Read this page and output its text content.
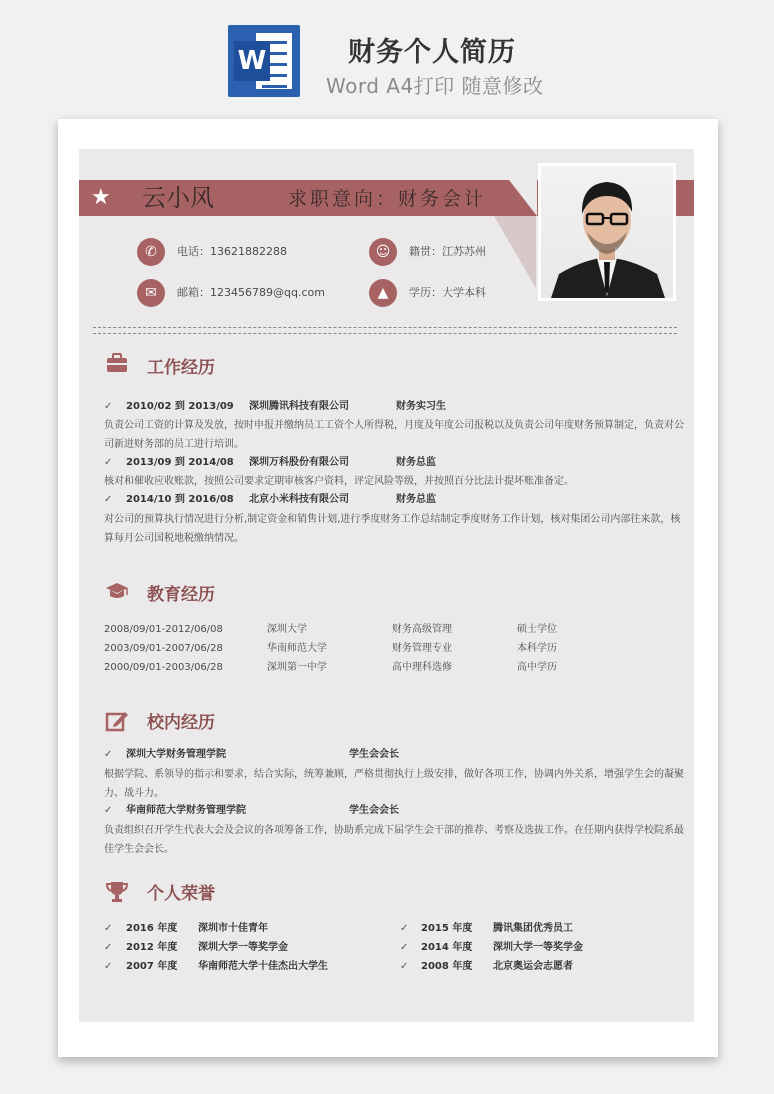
W	财务个人简历
Word A4打印 随意修改
★ 云小风	求职意向：财务会计
✆	电话：13621882288	☺	籍贯：江苏苏州
✉	邮箱：123456789@qq.com	▲	学历：大学本科
工作经历
✓ 2010/02 到 2013/09 深圳腾讯科技有限公司	财务实习生
负责公司工资的计算及发放，按时申报并缴纳员工工资个人所得税，月度及年度公司报税以及负责公司年度财务预算制定，负责对公司新进财务部的员工进行培训。
✓ 2013/09 到 2014/08 深圳万科股份有限公司	财务总监
核对和催收应收账款，按照公司要求定期审核客户资料，评定风险等级，并按照百分比法计提坏账准备定。
✓ 2014/10 到 2016/08 北京小米科技有限公司	财务总监
对公司的预算执行情况进行分析,制定资金和销售计划,进行季度财务工作总结制定季度财务工作计划，核对集团公司内部往来款，核算每月公司国税地税缴纳情况。
教育经历
2008/09/01-2012/06/08	深圳大学	财务高级管理	硕士学位
2003/09/01-2007/06/28	华南师范大学	财务管理专业	本科学历
2000/09/01-2003/06/28	深圳第一中学	高中理科选修	高中学历
校内经历
✓ 深圳大学财务管理学院	学生会会长
根据学院、系领导的指示和要求，结合实际，统筹兼顾，严格贯彻执行上级安排，做好各项工作，协调内外关系，增强学生会的凝聚力、战斗力。
✓ 华南师范大学财务管理学院	学生会会长
负责组织召开学生代表大会及会议的各项筹备工作，协助系完成下届学生会干部的推荐、考察及选拔工作。在任期内获得学校院系最佳学生会会长。
个人荣誉
✓ 2016 年度 深圳市十佳青年	✓ 2015 年度 腾讯集团优秀员工
✓ 2012 年度 深圳大学一等奖学金	✓ 2014 年度 深圳大学一等奖学金
✓ 2007 年度 华南师范大学十佳杰出大学生	✓ 2008 年度 北京奥运会志愿者
